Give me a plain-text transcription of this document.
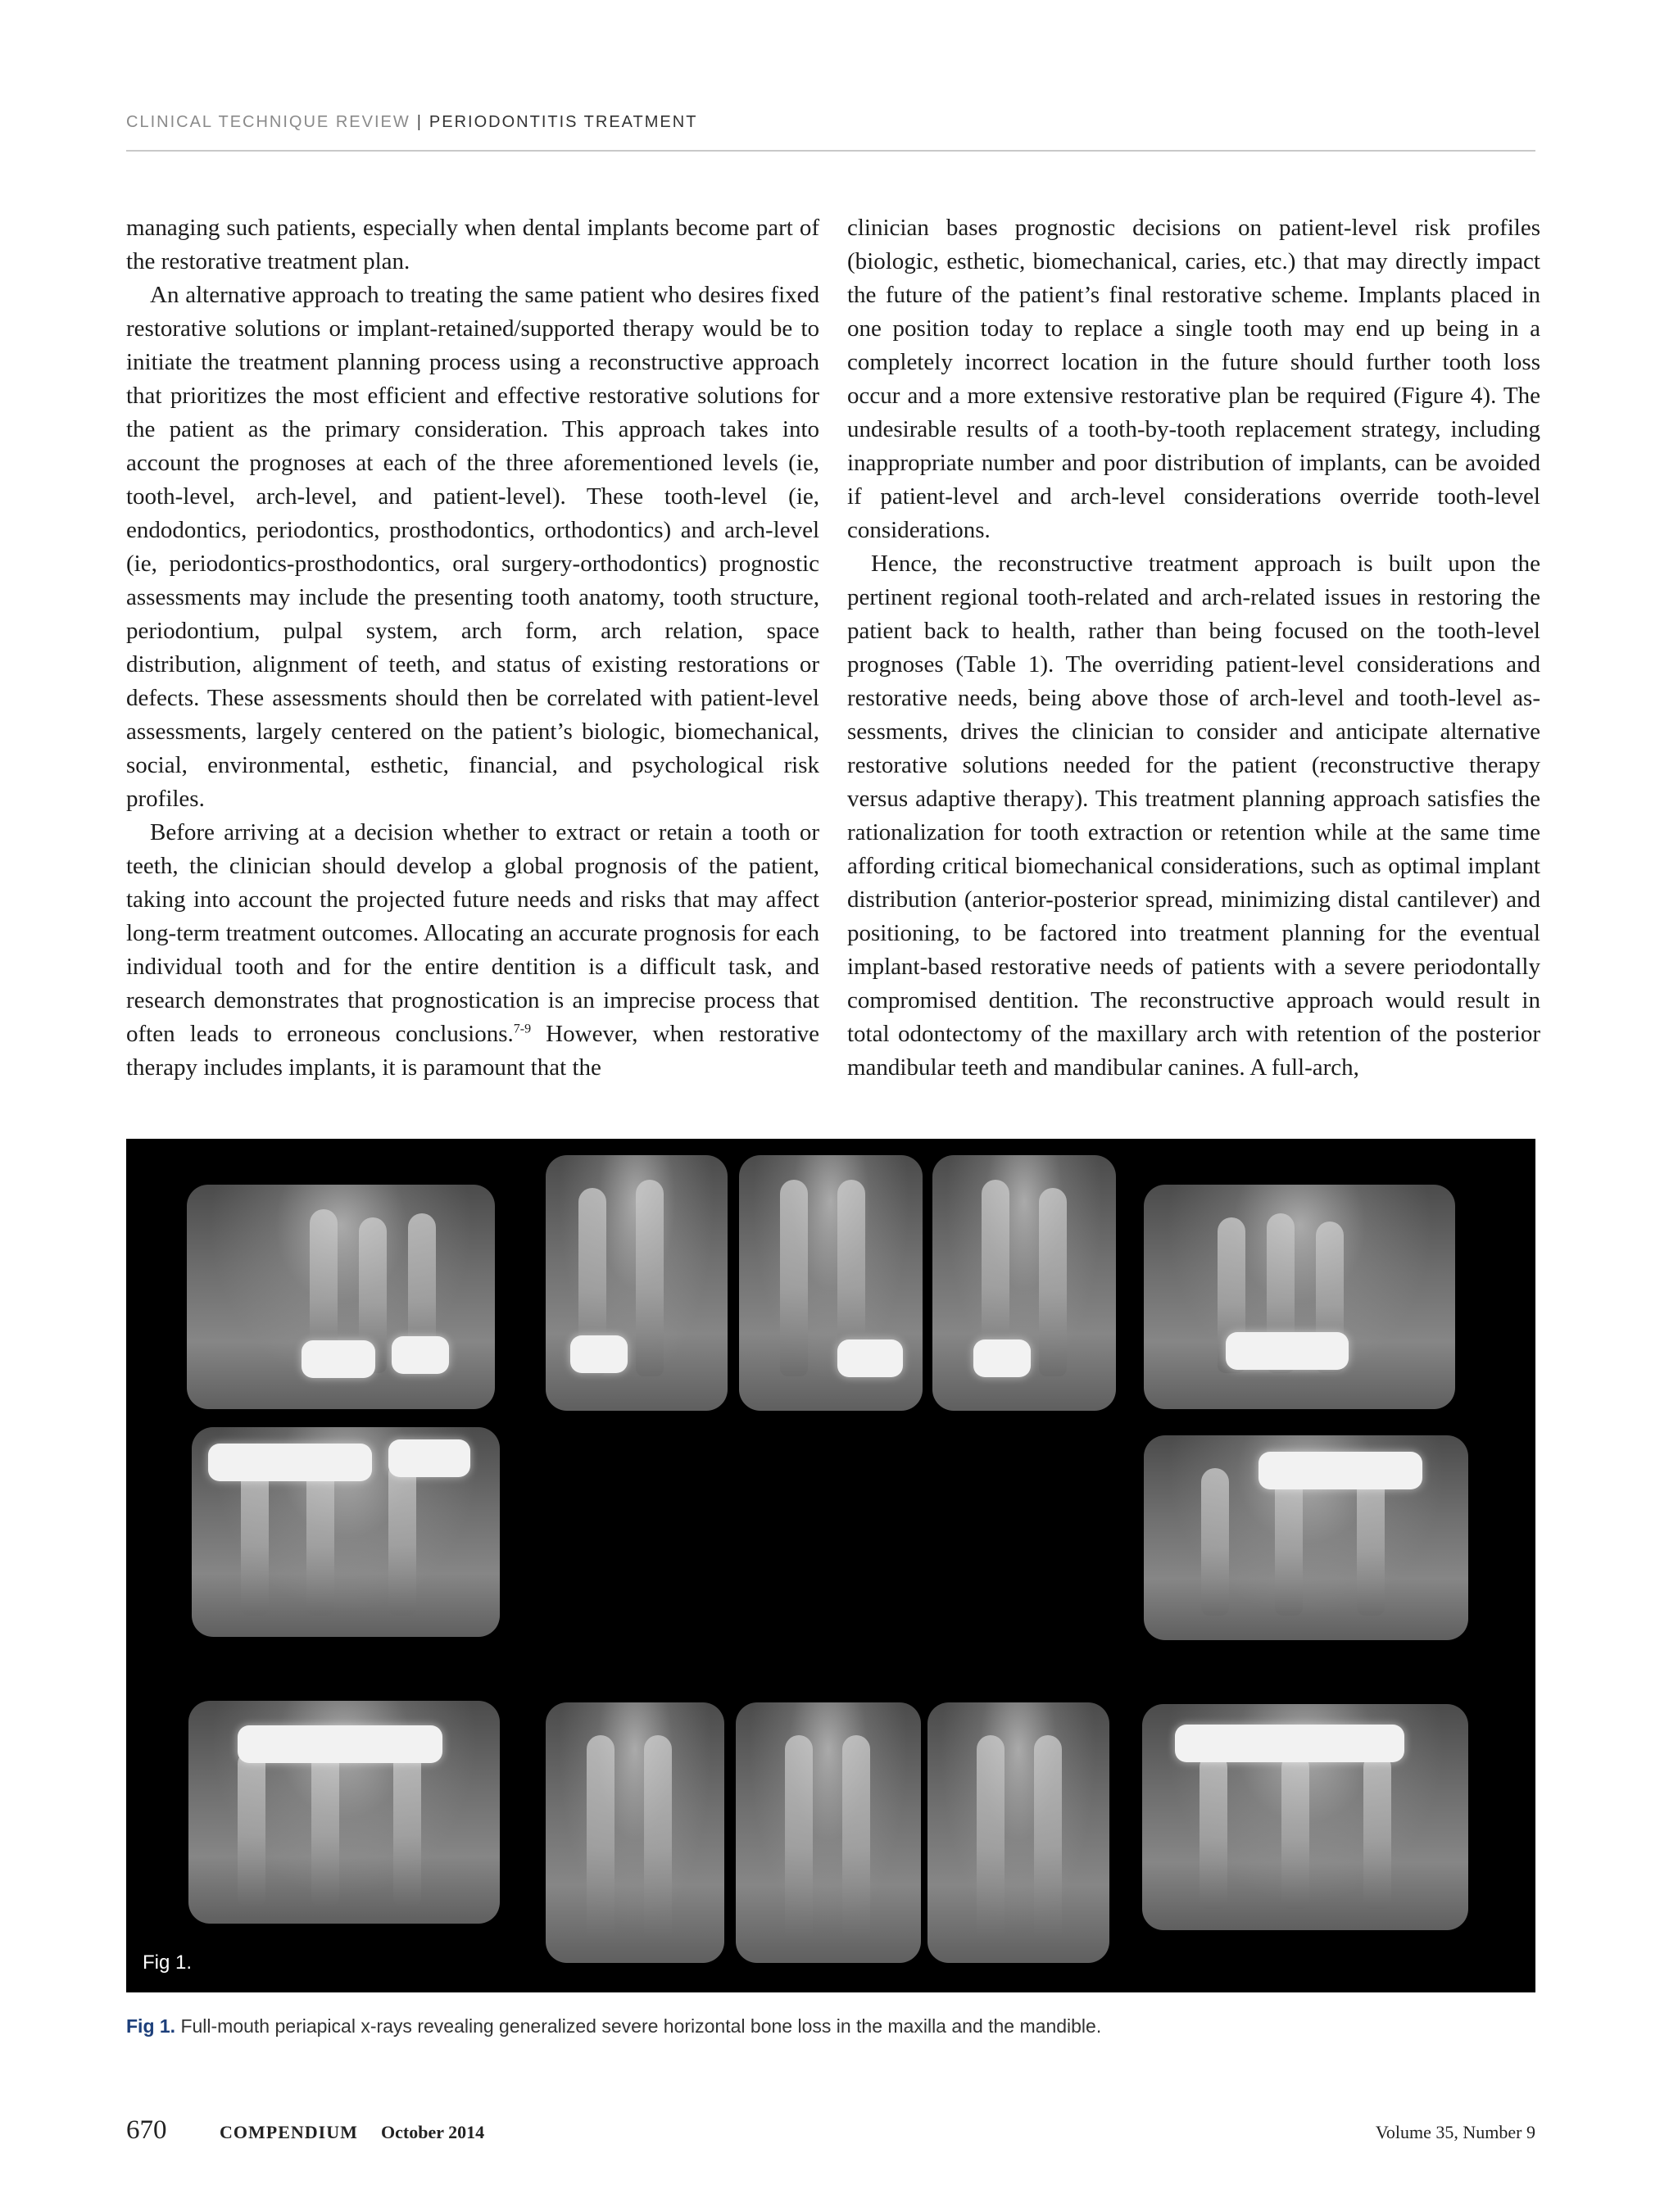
CLINICAL TECHNIQUE REVIEW | PERIODONTITIS TREATMENT

managing such patients, especially when dental implants become part of the restorative treatment plan.

An alternative approach to treating the same patient who desires fixed restorative solutions or implant-retained/supported therapy would be to initiate the treatment planning process using a reconstructive approach that prioritizes the most efficient and effective restorative solutions for the patient as the primary consideration. This approach takes into account the prognoses at each of the three aforementioned levels (ie, tooth-level, arch-level, and patient-level). These tooth-level (ie, endodontics, periodontics, prosthodontics, orthodontics) and arch-level (ie, periodontics-prosthodontics, oral surgery-orthodontics) prognostic assessments may include the presenting tooth anatomy, tooth structure, periodontium, pulpal system, arch form, arch relation, space distribution, alignment of teeth, and status of existing restorations or defects. These assessments should then be correlated with patient-level assessments, largely centered on the patient’s biologic, biomechanical, social, environmental, esthetic, financial, and psychological risk profiles.

Before arriving at a decision whether to extract or retain a tooth or teeth, the clinician should develop a global prognosis of the patient, taking into account the projected future needs and risks that may affect long-term treatment outcomes. Allocating an accurate prognosis for each individual tooth and for the entire dentition is a difficult task, and research demonstrates that prognostication is an imprecise process that often leads to erroneous conclusions.$^{7-9}$ However, when restorative therapy includes implants, it is paramount that the

clinician bases prognostic decisions on patient-level risk profiles (biologic, esthetic, biomechanical, caries, etc.) that may directly impact the future of the patient’s final restorative scheme. Implants placed in one position today to replace a single tooth may end up being in a completely incorrect location in the future should further tooth loss occur and a more extensive restorative plan be required (Figure 4). The undesirable results of a tooth-by-tooth replacement strategy, including inappropriate number and poor distribution of implants, can be avoided if patient-level and arch-level considerations override tooth-level considerations.

Hence, the reconstructive treatment approach is built upon the pertinent regional tooth-related and arch-related issues in restoring the patient back to health, rather than being focused on the tooth-level prognoses (Table 1). The overriding patient-level considerations and restorative needs, being above those of arch-level and tooth-level assessments, drives the clinician to consider and anticipate alternative restorative solutions needed for the patient (reconstructive therapy versus adaptive therapy). This treatment planning approach satisfies the rationalization for tooth extraction or retention while at the same time affording critical biomechanical considerations, such as optimal implant distribution (anterior-posterior spread, minimizing distal cantilever) and positioning, to be factored into treatment planning for the eventual implant-based restorative needs of patients with a severe periodontally compromised dentition. The reconstructive approach would result in total odontectomy of the maxillary arch with retention of the posterior mandibular teeth and mandibular canines. A full-arch,

Fig 1.
Fig 1. Full-mouth periapical x-rays revealing generalized severe horizontal bone loss in the maxilla and the mandible.
670	COMPENDIUM October 2014	Volume 35, Number 9
